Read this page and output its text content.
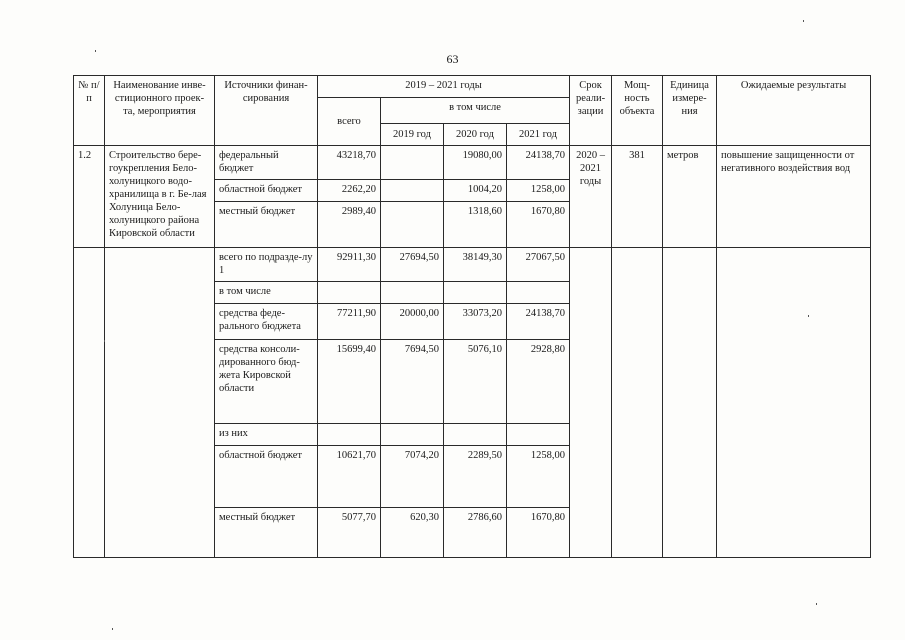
63
№ п/п	Наименование инве-стиционного проек-та, мероприятия	Источники финан-сирования	2019 – 2021 годы				Срок реали-зации	Мощ-ность объекта	Единица измере-ния	Ожидаемые результаты
			всего	в том числе						
				2019 год	2020 год	2021 год				
1.2	Строительство бере-гоукрепления Бело-холуницкого водо-хранилища в г. Бе-лая Холуница Бело-холуницкого района Кировской области	федеральный бюджет	43218,70		19080,00	24138,70	2020 – 2021 годы	381	метров	повышение защищенности от негативного воздействия вод
		областной бюджет	2262,20		1004,20	1258,00				
		местный бюджет	2989,40		1318,60	1670,80				
		всего по подразде-лу 1	92911,30	27694,50	38149,30	27067,50				
		в том числе								
		средства феде-рального бюджета	77211,90	20000,00	33073,20	24138,70				
		средства консоли-дированного бюд-жета Кировской области	15699,40	7694,50	5076,10	2928,80				
		из них								
		областной бюджет	10621,70	7074,20	2289,50	1258,00				
		местный бюджет	5077,70	620,30	2786,60	1670,80				
